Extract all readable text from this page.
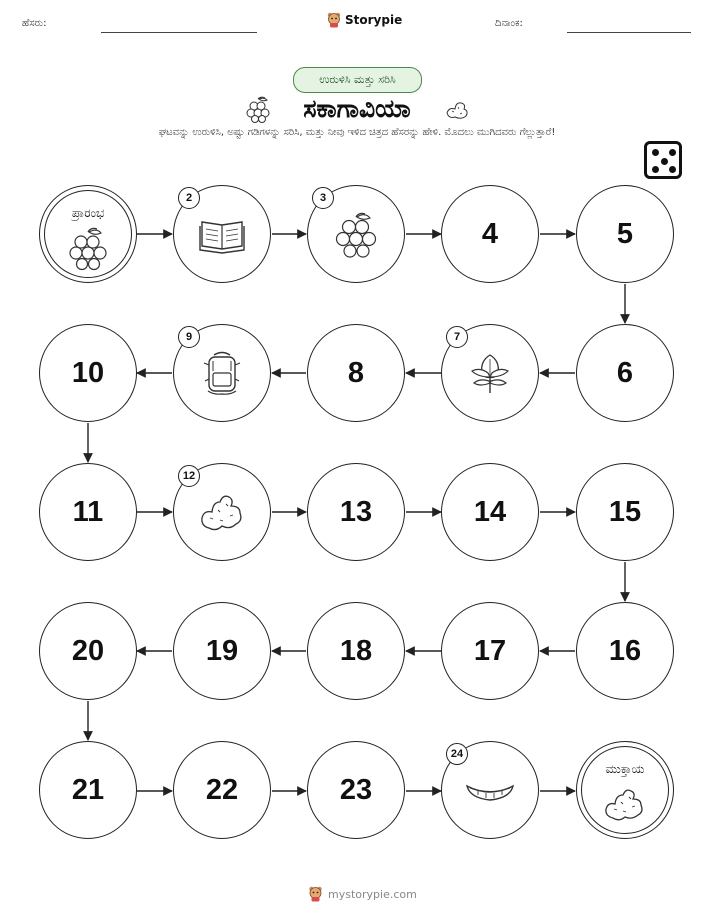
ಹೆಸರು:	Storypie	ದಿನಾಂಕ:
ಉರುಳಿಸಿ ಮತ್ತು ಸರಿಸಿ
ಸಕಾಗಾವಿಯಾ
ಘಟವನ್ನು ಉರುಳಿಸಿ, ಅಷ್ಟು ಗಡಿಗಳನ್ನು ಸರಿಸಿ, ಮತ್ತು ನೀವು ಇಳಿದ ಚಿತ್ರದ ಹೆಸರನ್ನು ಹೇಳಿ. ಮೊದಲು ಮುಗಿದವರು ಗೆಲ್ಲುತ್ತಾರೆ!
ಪ್ರಾರಂಭ
2	3
4	5
10
9
8
7
6
11
12
13	14	15
20	19	18	17	16
21	22	23
24
ಮುಕ್ತಾಯ
mystorypie.com
